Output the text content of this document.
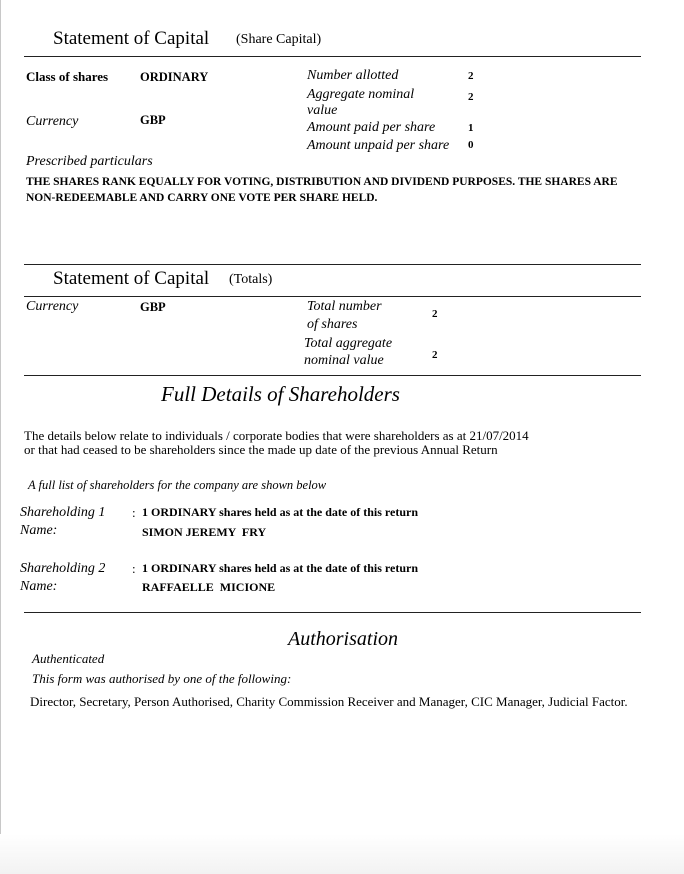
Statement of Capital (Share Capital)
Class of shares	ORDINARY	Number allotted	2
Aggregate nominal	2
value
Currency	GBP	Amount paid per share	1
Amount unpaid per share 0
Prescribed particulars
THE SHARES RANK EQUALLY FOR VOTING, DISTRIBUTION AND DIVIDEND PURPOSES. THE SHARES ARE
NON-REDEEMABLE AND CARRY ONE VOTE PER SHARE HELD.
Statement of Capital (Totals)
Currency	GBP	Total number
of shares
2
Total aggregate
nominal value	2
Full Details of Shareholders
The details below relate to individuals / corporate bodies that were shareholders as at 21/07/2014
or that had ceased to be shareholders since the made up date of the previous Annual Return
A full list of shareholders for the company are shown below
Shareholding 1 : 1 ORDINARY shares held as at the date of this return
Name:	SIMON JEREMY  FRY
Shareholding 2 : 1 ORDINARY shares held as at the date of this return
Name:	RAFFAELLE  MICIONE
Authorisation
Authenticated
This form was authorised by one of the following:
Director, Secretary, Person Authorised, Charity Commission Receiver and Manager, CIC Manager, Judicial Factor.
